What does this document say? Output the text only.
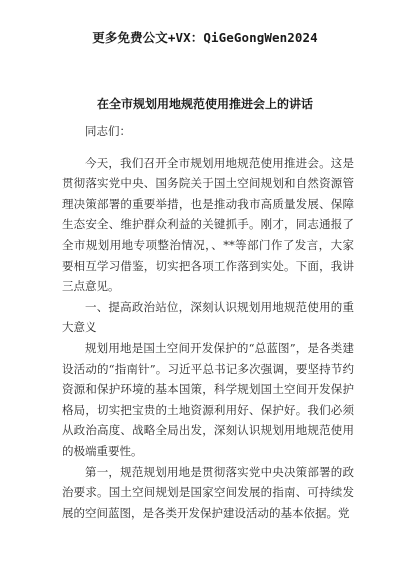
更多免费公文+VX：QiGeGongWen2024
在全市规划用地规范使用推进会上的讲话

同志们：

今天，我们召开全市规划用地规范使用推进会。这是贯彻落实党中央、国务院关于国土空间规划和自然资源管理决策部署的重要举措，也是推动我市高质量发展、保障生态安全、维护群众利益的关键抓手。刚才，同志通报了全市规划用地专项整治情况，、**等部门作了发言，大家要相互学习借鉴，切实把各项工作落到实处。下面，我讲三点意见。

一、提高政治站位，深刻认识规划用地规范使用的重大意义

规划用地是国土空间开发保护的“总蓝图”，是各类建设活动的“指南针”。习近平总书记多次强调，要坚持节约资源和保护环境的基本国策，科学规划国土空间开发保护格局，切实把宝贵的土地资源利用好、保护好。我们必须从政治高度、战略全局出发，深刻认识规划用地规范使用的极端重要性。

第一，规范规划用地是贯彻落实党中央决策部署的政治要求。国土空间规划是国家空间发展的指南、可持续发展的空间蓝图，是各类开发保护建设活动的基本依据。党
